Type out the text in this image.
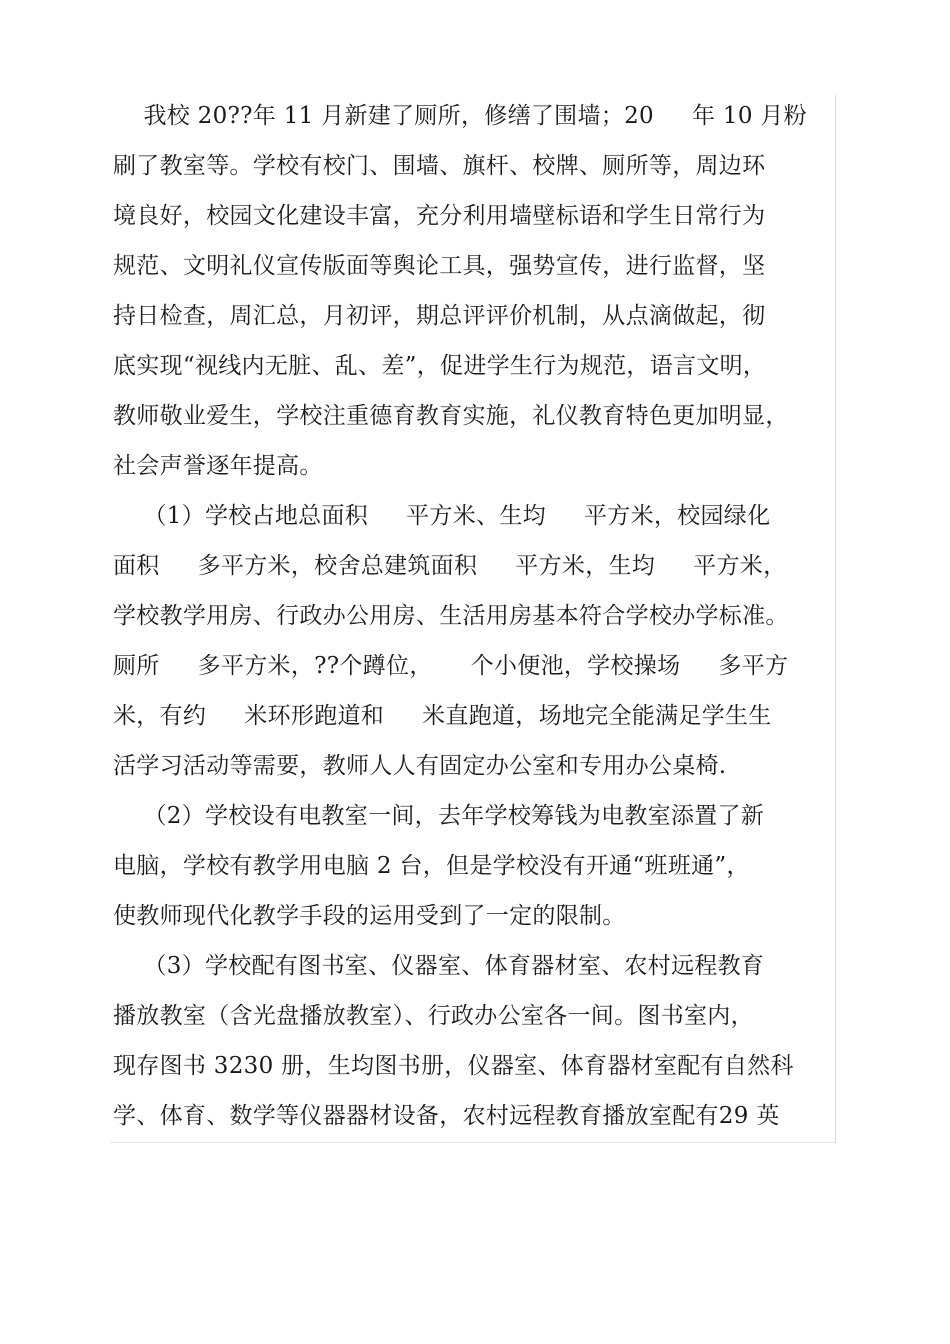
我校 20??年 11 月新建了厕所，修缮了围墙；20     年 10 月粉
刷了教室等。学校有校门、围墙、旗杆、校牌、厕所等，周边环
境良好，校园文化建设丰富，充分利用墙壁标语和学生日常行为
规范、文明礼仪宣传版面等舆论工具，强势宣传，进行监督，坚
持日检查，周汇总，月初评，期总评评价机制，从点滴做起，彻
底实现“视线内无脏、乱、差”，促进学生行为规范，语言文明，
教师敬业爱生，学校注重德育教育实施，礼仪教育特色更加明显，
社会声誉逐年提高。
（1）学校占地总面积     平方米、生均     平方米，校园绿化
面积     多平方米，校舍总建筑面积     平方米，生均     平方米，
学校教学用房、行政办公用房、生活用房基本符合学校办学标准。
厕所     多平方米，??个蹲位，     个小便池，学校操场     多平方
米，有约     米环形跑道和     米直跑道，场地完全能满足学生生
活学习活动等需要，教师人人有固定办公室和专用办公桌椅.
（2）学校设有电教室一间，去年学校筹钱为电教室添置了新
电脑，学校有教学用电脑 2 台，但是学校没有开通“班班通”，
使教师现代化教学手段的运用受到了一定的限制。
（3）学校配有图书室、仪器室、体育器材室、农村远程教育
播放教室（含光盘播放教室）、行政办公室各一间。图书室内，
现存图书 3230 册，生均图书册，仪器室、体育器材室配有自然科
学、体育、数学等仪器器材设备，农村远程教育播放室配有29 英
